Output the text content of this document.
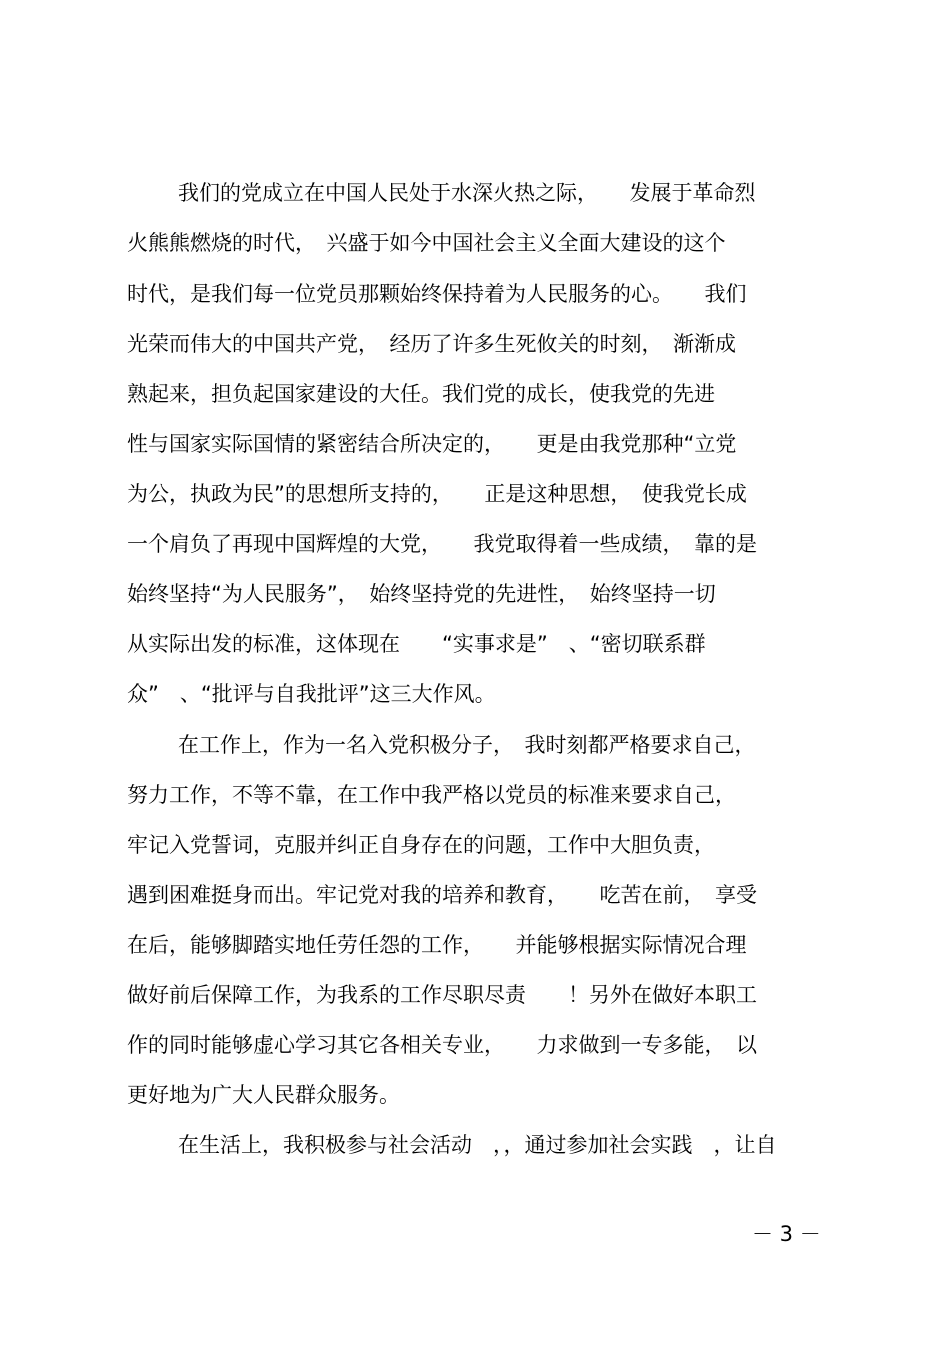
我们的党成立在中国人民处于水深火热之际，　　发展于革命烈
火熊熊燃烧的时代，　兴盛于如今中国社会主义全面大建设的这个
时代，是我们每一位党员那颗始终保持着为人民服务的心。　　我们
光荣而伟大的中国共产党，　经历了许多生死攸关的时刻，　渐渐成
熟起来，担负起国家建设的大任。我们党的成长，使我党的先进
性与国家实际国情的紧密结合所决定的，　　更是由我党那种“立党
为公，执政为民”的思想所支持的，　　正是这种思想，　使我党长成
一个肩负了再现中国辉煌的大党，　　我党取得着一些成绩，　靠的是
始终坚持“为人民服务”，　始终坚持党的先进性，　始终坚持一切
从实际出发的标准，这体现在　　“实事求是”　、“密切联系群
众”　、“批评与自我批评”这三大作风。
在工作上，作为一名入党积极分子，　我时刻都严格要求自己，
努力工作，不等不靠，在工作中我严格以党员的标准来要求自己，
牢记入党誓词，克服并纠正自身存在的问题，工作中大胆负责，
遇到困难挺身而出。牢记党对我的培养和教育，　　吃苦在前，　享受
在后，能够脚踏实地任劳任怨的工作，　　并能够根据实际情况合理
做好前后保障工作，为我系的工作尽职尽责　　！另外在做好本职工
作的同时能够虚心学习其它各相关专业，　　力求做到一专多能，　以
更好地为广大人民群众服务。
在生活上，我积极参与社会活动　，，通过参加社会实践　，让自
－ 3 －
